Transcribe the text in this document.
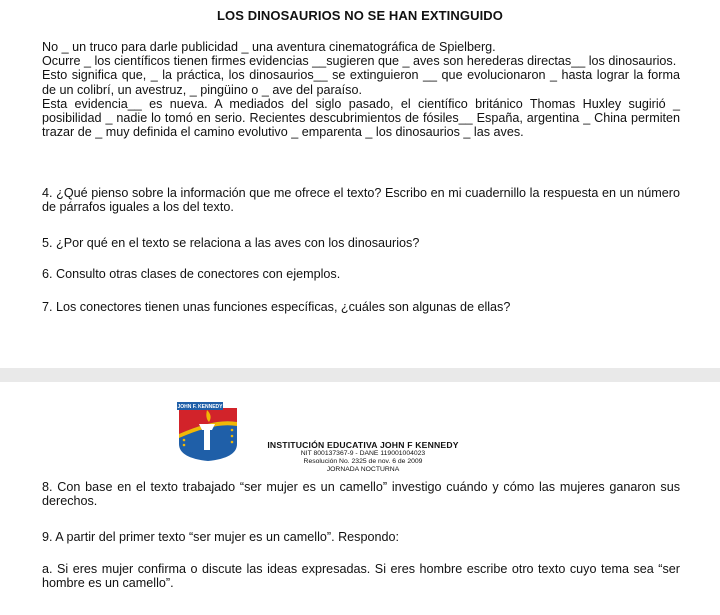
LOS DINOSAURIOS NO SE HAN EXTINGUIDO

No _ un truco para darle publicidad _ una aventura cinematográfica de Spielberg.

Ocurre _ los científicos tienen firmes evidencias __sugieren que _ aves son herederas directas__ los dinosaurios.

Esto significa que, _ la práctica, los dinosaurios__ se extinguieron __ que evolucionaron _ hasta lograr la forma de un colibrí, un avestruz, _ pingüino o _ ave del paraíso.

Esta evidencia__ es nueva. A mediados del siglo pasado, el científico británico Thomas Huxley sugirió _ posibilidad _ nadie lo tomó en serio. Recientes descubrimientos de fósiles__ España, argentina _ China permiten trazar de _ muy definida el camino evolutivo _ emparenta _ los dinosaurios _ las aves.

4. ¿Qué pienso sobre la información que me ofrece el texto? Escribo en mi cuadernillo la respuesta en un número de párrafos iguales a los del texto.

5. ¿Por qué en el texto se relaciona a las aves con los dinosaurios?

6. Consulto otras clases de conectores con ejemplos.

7. Los conectores tienen unas funciones específicas, ¿cuáles son algunas de ellas?

JOHN F. KENNEDY
INSTITUCIÓN EDUCATIVA JOHN F KENNEDY
NIT 800137367-9 - DANE 119001004023
Resolución No. 2325 de nov. 6 de 2009
JORNADA NOCTURNA

8. Con base en el texto trabajado “ser mujer es un camello” investigo cuándo y cómo las mujeres ganaron sus derechos.

9. A partir del primer texto “ser mujer es un camello”. Respondo:

a. Si eres mujer confirma o discute las ideas expresadas. Si eres hombre escribe otro texto cuyo tema sea “ser hombre es un camello”.
